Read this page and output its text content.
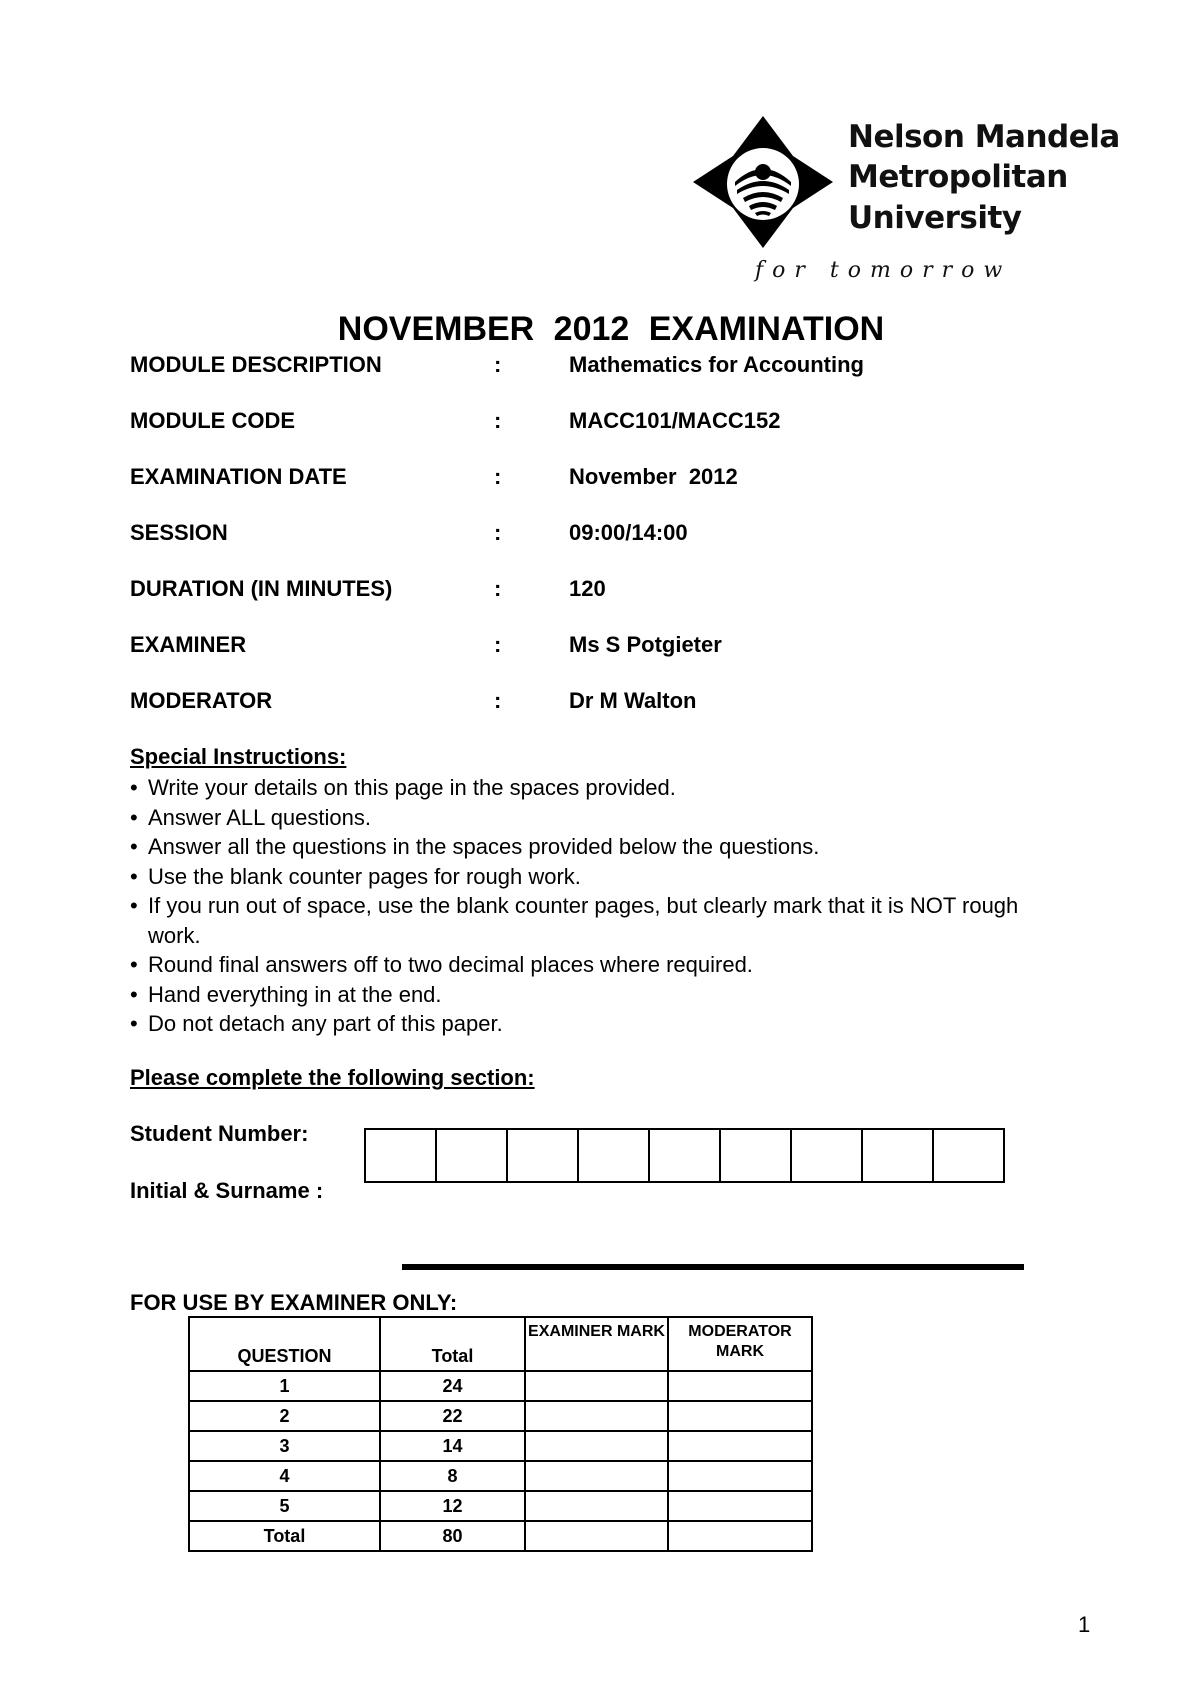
Nelson Mandela
Metropolitan
University
for tomorrow
NOVEMBER 2012 EXAMINATION
MODULE DESCRIPTION	:	Mathematics for Accounting
MODULE CODE	:	MACC101/MACC152
EXAMINATION DATE	:	November  2012
SESSION	:	09:00/14:00
DURATION (IN MINUTES)	:	120
EXAMINER	:	Ms S Potgieter
MODERATOR	:	Dr M Walton
Special Instructions:
• Write your details on this page in the spaces provided.
• Answer ALL questions.
• Answer all the questions in the spaces provided below the questions.
• Use the blank counter pages for rough work.
• If you run out of space, use the blank counter pages, but clearly mark that it is NOT rough work.
• Round final answers off to two decimal places where required.
• Hand everything in at the end.
• Do not detach any part of this paper.
Please complete the following section:
Student Number:
Initial & Surname :
FOR USE BY EXAMINER ONLY:
QUESTION	Total	EXAMINER MARK	MODERATOR MARK
1	24		
2	22		
3	14		
4	8		
5	12		
Total	80		
1
